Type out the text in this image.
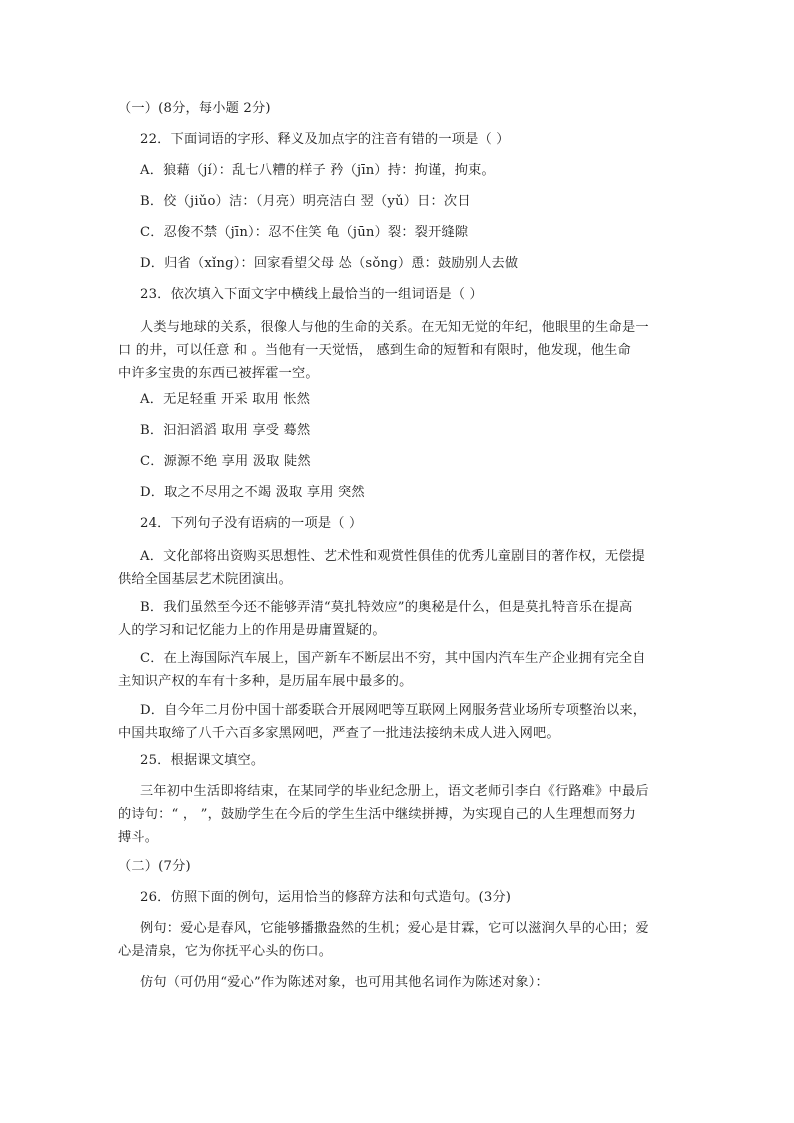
（一）(8分，每小题 2分)
22．下面词语的字形、释义及加点字的注音有错的一项是（ ）
A．狼藉（jí）：乱七八糟的样子 矜（jīn）持：拘谨，拘束。
B．佼（jiǔo）洁：（月亮）明亮洁白 翌（yǔ）日：次日
C．忍俊不禁（jīn）：忍不住笑 龟（jūn）裂：裂开缝隙
D．归省（xǐng）：回家看望父母 怂（sǒng）恿：鼓励别人去做
23．依次填入下面文字中横线上最恰当的一组词语是（ ）
人类与地球的关系，很像人与他的生命的关系。在无知无觉的年纪，他眼里的生命是一
口 的井，可以任意 和 。当他有一天觉悟， 感到生命的短暂和有限时，他发现，他生命
中许多宝贵的东西已被挥霍一空。
A．无足轻重 开采 取用 怅然
B．汩汩滔滔 取用 享受 蓦然
C．源源不绝 享用 汲取 陡然
D．取之不尽用之不竭 汲取 享用 突然
24．下列句子没有语病的一项是（ ）
A．文化部将出资购买思想性、艺术性和观赏性俱佳的优秀儿童剧目的著作权，无偿提
供给全国基层艺术院团演出。
B．我们虽然至今还不能够弄清“莫扎特效应”的奥秘是什么，但是莫扎特音乐在提高
人的学习和记忆能力上的作用是毋庸置疑的。
C．在上海国际汽车展上，国产新车不断层出不穷，其中国内汽车生产企业拥有完全自
主知识产权的车有十多种，是历届车展中最多的。
D．自今年二月份中国十部委联合开展网吧等互联网上网服务营业场所专项整治以来，
中国共取缔了八千六百多家黑网吧，严查了一批违法接纳未成人进入网吧。
25．根据课文填空。
三年初中生活即将结束，在某同学的毕业纪念册上，语文老师引李白《行路难》中最后
的诗句：“ ， ”，鼓励学生在今后的学生生活中继续拼搏，为实现自己的人生理想而努力
搏斗。
（二）(7分)
26．仿照下面的例句，运用恰当的修辞方法和句式造句。(3分)
例句：爱心是春风，它能够播撒盎然的生机；爱心是甘霖，它可以滋润久旱的心田；爱
心是清泉，它为你抚平心头的伤口。
仿句（可仍用“爱心”作为陈述对象，也可用其他名词作为陈述对象）：
